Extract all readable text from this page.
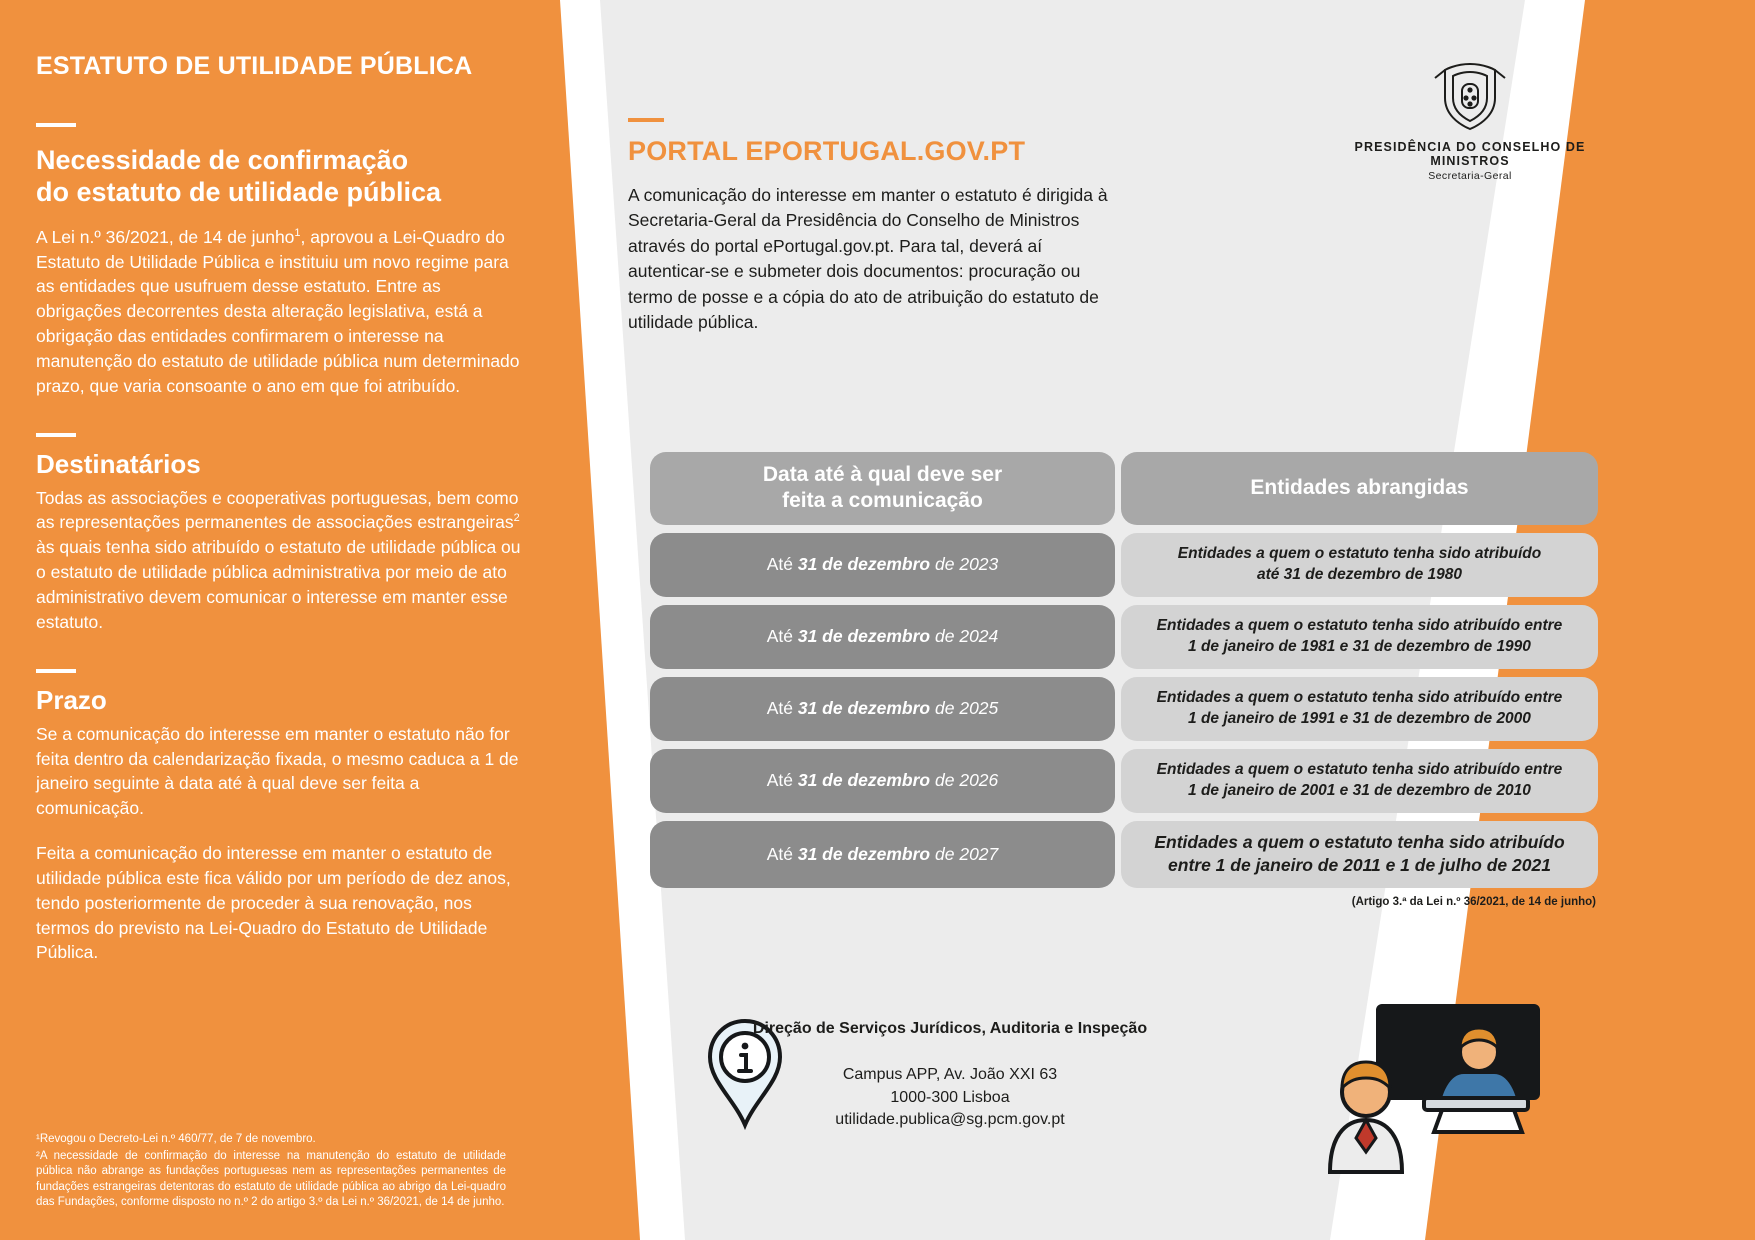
ESTATUTO DE UTILIDADE PÚBLICA
Necessidade de confirmação
do estatuto de utilidade pública

A Lei n.º 36/2021, de 14 de junho$^1$, aprovou a Lei-Quadro do Estatuto de Utilidade Pública e instituiu um novo regime para as entidades que usufruem desse estatuto. Entre as obrigações decorrentes desta alteração legislativa, está a obrigação das entidades confirmarem o interesse na manutenção do estatuto de utilidade pública num determinado prazo, que varia consoante o ano em que foi atribuído.

Destinatários

Todas as associações e cooperativas portuguesas, bem como as representações permanentes de associações estrangeiras$^2$ às quais tenha sido atribuído o estatuto de utilidade pública ou o estatuto de utilidade pública administrativa por meio de ato administrativo devem comunicar o interesse em manter esse estatuto.

Prazo

Se a comunicação do interesse em manter o estatuto não for feita dentro da calendarização fixada, o mesmo caduca a 1 de janeiro seguinte à data até à qual deve ser feita a comunicação.

Feita a comunicação do interesse em manter o estatuto de utilidade pública este fica válido por um período de dez anos, tendo posteriormente de proceder à sua renovação, nos termos do previsto na Lei-Quadro do Estatuto de Utilidade Pública.

¹Revogou o Decreto-Lei n.º 460/77, de 7 de novembro.

²A necessidade de confirmação do interesse na manutenção do estatuto de utilidade pública não abrange as fundações portuguesas nem as representações permanentes de fundações estrangeiras detentoras do estatuto de utilidade pública ao abrigo da Lei-quadro das Fundações, conforme disposto no n.º 2 do artigo 3.º da Lei n.º 36/2021, de 14 de junho.

PORTAL EPORTUGAL.GOV.PT

A comunicação do interesse em manter o estatuto é dirigida à Secretaria-Geral da Presidência do Conselho de Ministros através do portal ePortugal.gov.pt. Para tal, deverá aí autenticar-se e submeter dois documentos: procuração ou termo de posse e a cópia do ato de atribuição do estatuto de utilidade pública.

PRESIDÊNCIA DO CONSELHO DE MINISTROS
Secretaria-Geral
Data até à qual deve ser
feita a comunicação
Entidades abrangidas
Até 31 de dezembro de 2023
Entidades a quem o estatuto tenha sido atribuído
até 31 de dezembro de 1980
Até 31 de dezembro de 2024
Entidades a quem o estatuto tenha sido atribuído entre
1 de janeiro de 1981 e 31 de dezembro de 1990
Até 31 de dezembro de 2025
Entidades a quem o estatuto tenha sido atribuído entre
1 de janeiro de 1991 e 31 de dezembro de 2000
Até 31 de dezembro de 2026
Entidades a quem o estatuto tenha sido atribuído entre
1 de janeiro de 2001 e 31 de dezembro de 2010
Até 31 de dezembro de 2027
Entidades a quem o estatuto tenha sido atribuído
entre 1 de janeiro de 2011 e 1 de julho de 2021
(Artigo 3.ª da Lei n.º 36/2021, de 14 de junho)
Direção de Serviços Jurídicos, Auditoria e Inspeção
Campus APP, Av. João XXI 63
1000-300 Lisboa
utilidade.publica@sg.pcm.gov.pt
